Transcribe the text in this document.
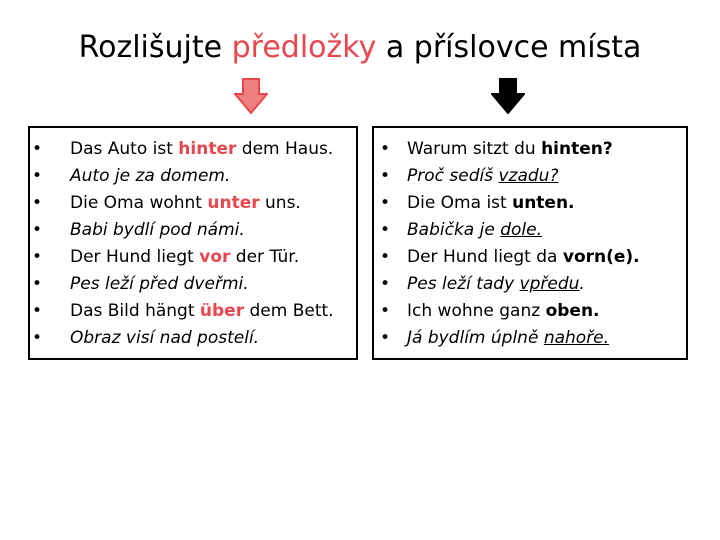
Rozlišujte předložky a příslovce místa
• Das Auto ist hinter dem Haus.
• Auto je za domem.
• Die Oma wohnt unter uns.
• Babi bydlí pod námi.
• Der Hund liegt vor der Tür.
• Pes leží před dveřmi.
• Das Bild hängt über dem Bett.
• Obraz visí nad postelí.
• Warum sitzt du hinten?
• Proč sedíš vzadu?
• Die Oma ist unten.
• Babička je dole.
• Der Hund liegt da vorn(e).
• Pes leží tady vpředu.
• Ich wohne ganz oben.
• Já bydlím úplně nahoře.
